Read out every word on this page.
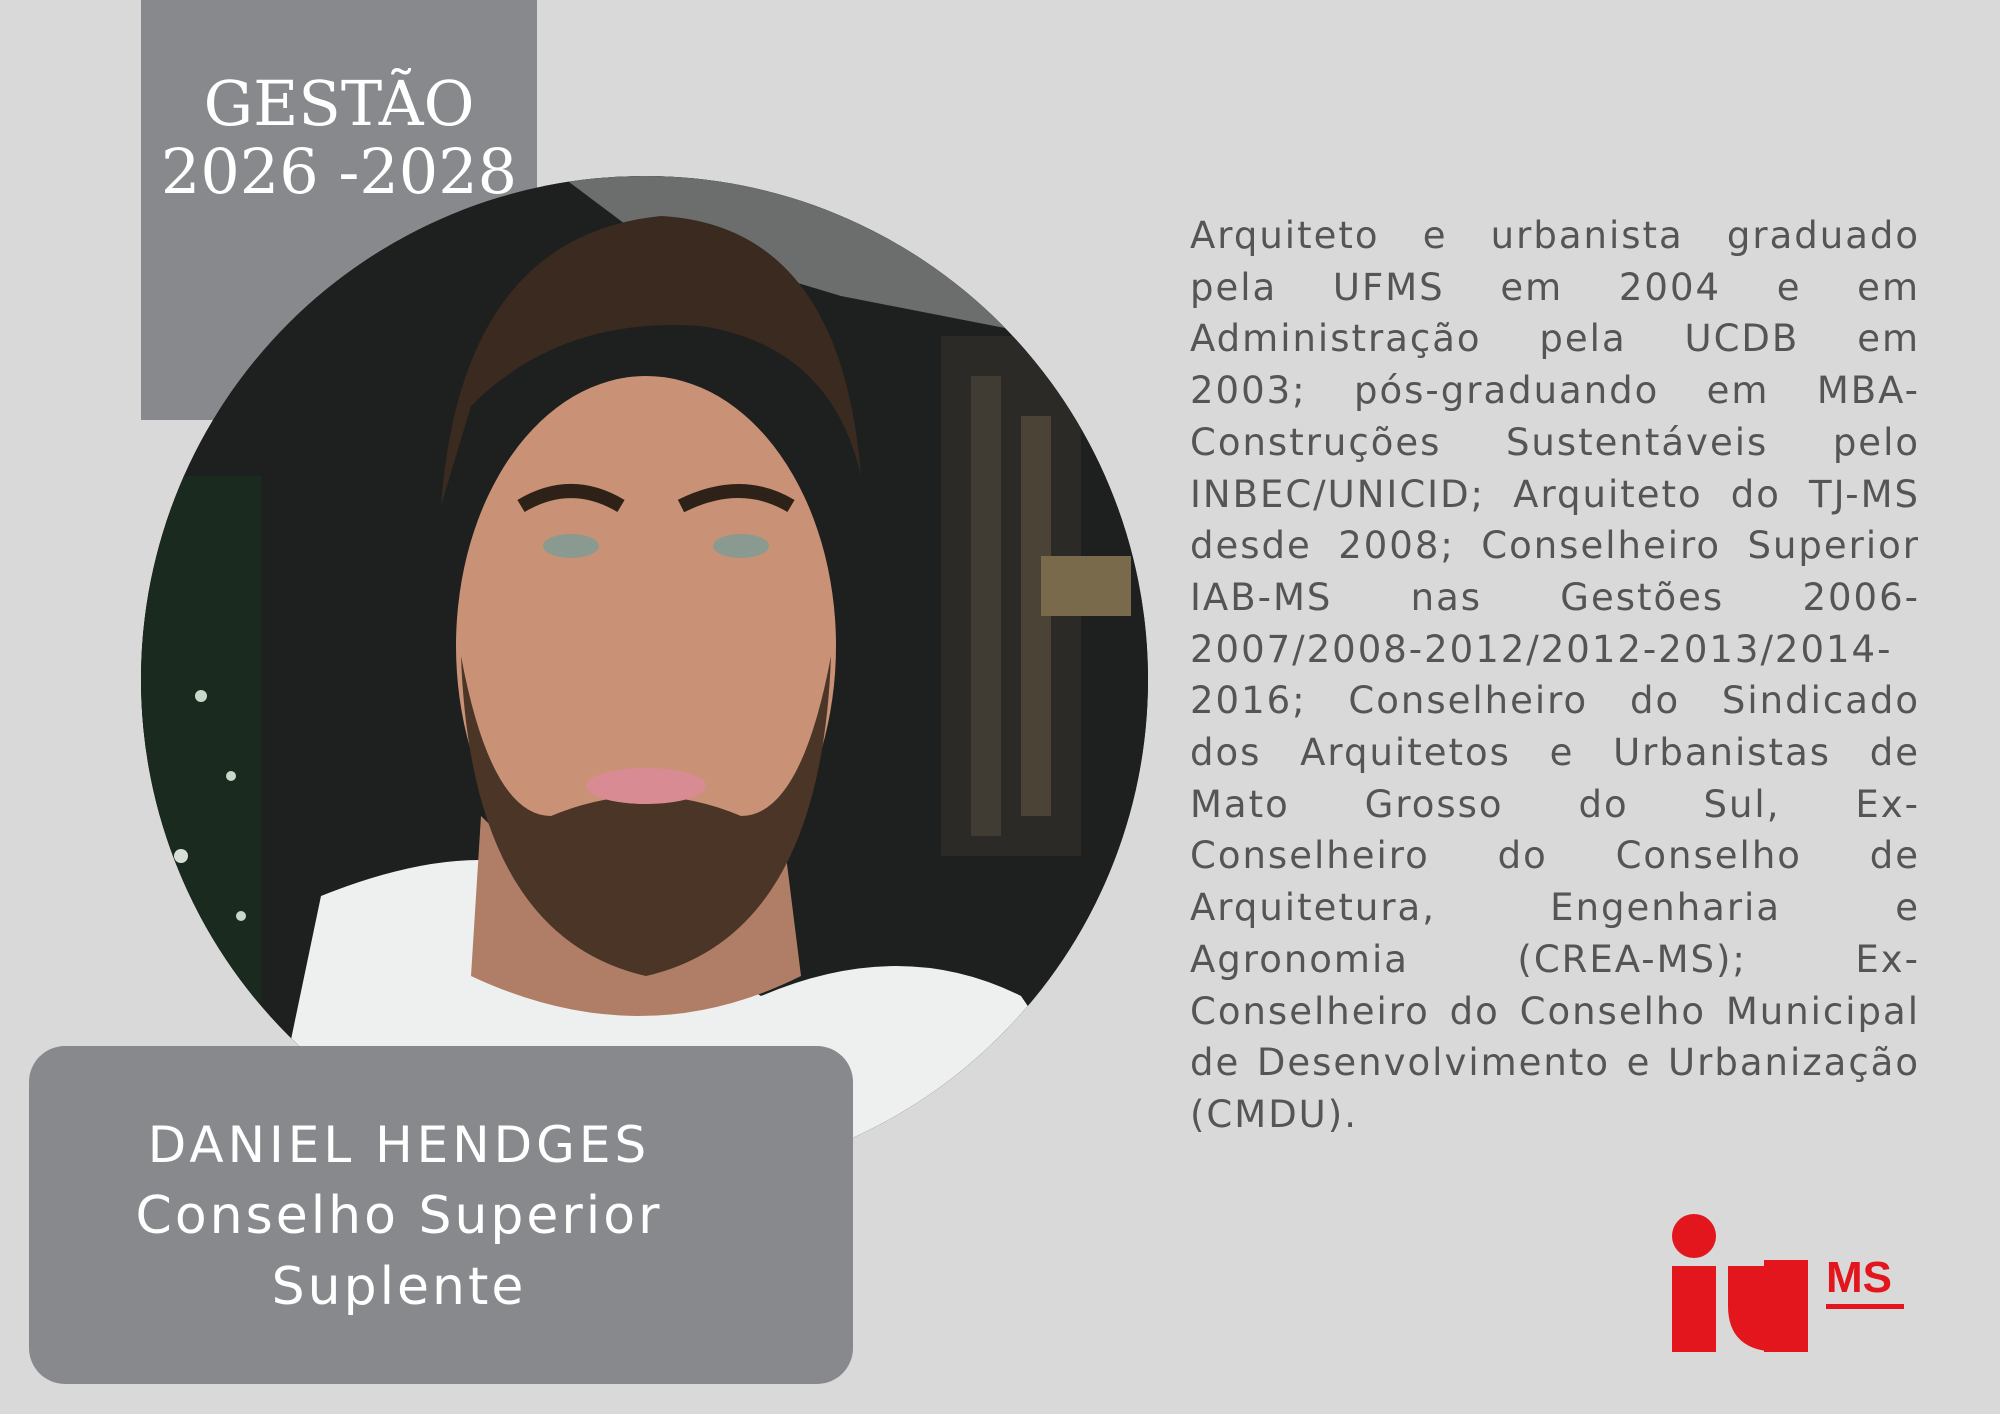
GESTÃO
2026 -2028
DANIEL HENDGES
Conselho Superior
Suplente
Arquiteto e urbanista graduado pela UFMS em 2004 e em Administração pela UCDB em 2003; pós-graduando em MBA-Construções Sustentáveis pelo INBEC/UNICID; Arquiteto do TJ-MS desde 2008; Conselheiro Superior IAB-MS nas Gestões 2006-2007/2008-2012/2012-2013/2014-2016; Conselheiro do Sindicado dos Arquitetos e Urbanistas de Mato Grosso do Sul, Ex-Conselheiro do Conselho de Arquitetura, Engenharia e Agronomia (CREA-MS); Ex-Conselheiro do Conselho Municipal de Desenvolvimento e Urbanização (CMDU).
MS
